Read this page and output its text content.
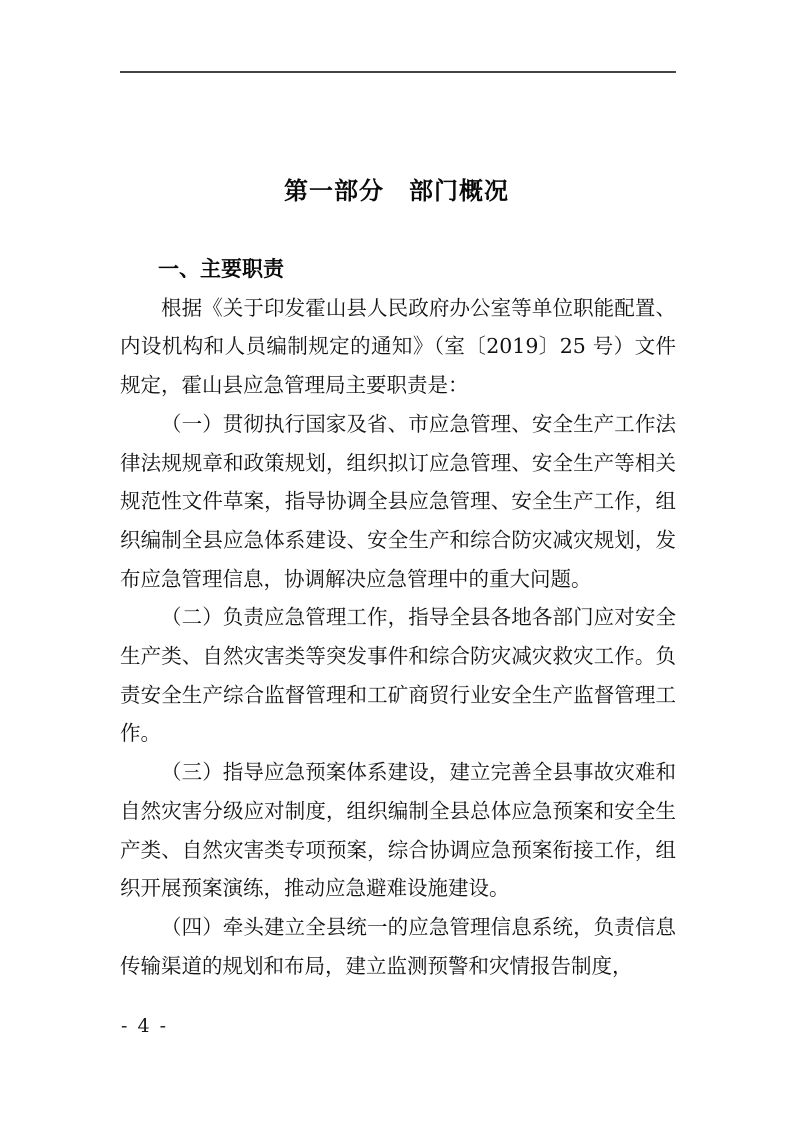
第一部分　部门概况
一、主要职责

根据《关于印发霍山县人民政府办公室等单位职能配置、内设机构和人员编制规定的通知》（室〔2019〕25 号）文件规定，霍山县应急管理局主要职责是：

（一）贯彻执行国家及省、市应急管理、安全生产工作法律法规规章和政策规划，组织拟订应急管理、安全生产等相关规范性文件草案，指导协调全县应急管理、安全生产工作，组织编制全县应急体系建设、安全生产和综合防灾减灾规划，发布应急管理信息，协调解决应急管理中的重大问题。

（二）负责应急管理工作，指导全县各地各部门应对安全生产类、自然灾害类等突发事件和综合防灾减灾救灾工作。负责安全生产综合监督管理和工矿商贸行业安全生产监督管理工作。

（三）指导应急预案体系建设，建立完善全县事故灾难和自然灾害分级应对制度，组织编制全县总体应急预案和安全生产类、自然灾害类专项预案，综合协调应急预案衔接工作，组织开展预案演练，推动应急避难设施建设。

（四）牵头建立全县统一的应急管理信息系统，负责信息传输渠道的规划和布局，建立监测预警和灾情报告制度，

- 4 -
